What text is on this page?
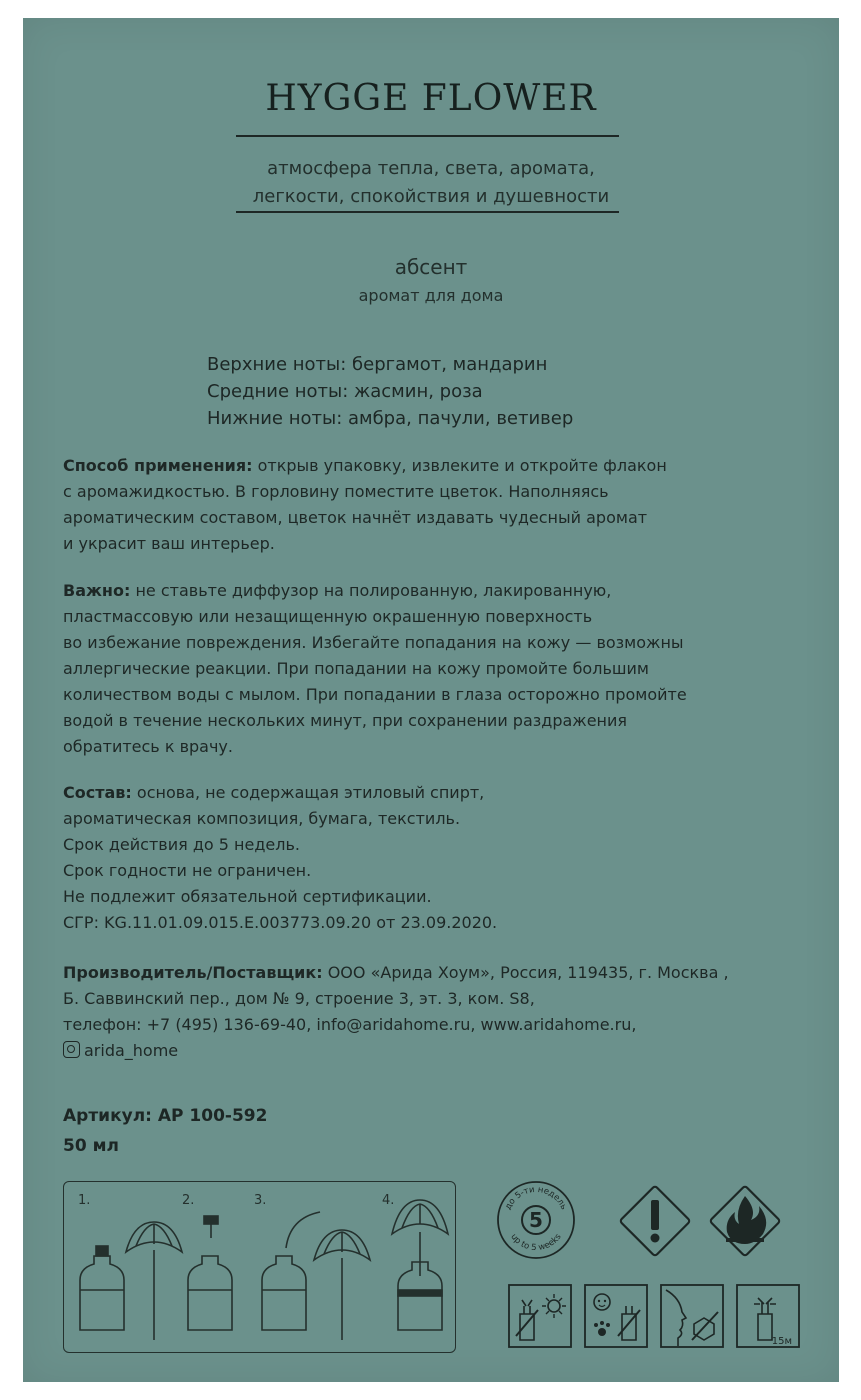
HYGGE FLOWER
атмосфера тепла, света, аромата,
легкости, спокойствия и душевности
абсент
аромат для дома
Верхние ноты: бергамот, мандарин
Средние ноты: жасмин, роза
Нижние ноты: амбра, пачули, ветивер
Способ применения: открыв упаковку, извлеките и откройте флакон
с аромажидкостью. В горловину поместите цветок. Наполняясь
ароматическим составом, цветок начнёт издавать чудесный аромат
и украсит ваш интерьер.
Важно: не ставьте диффузор на полированную, лакированную,
пластмассовую или незащищенную окрашенную поверхность
во избежание повреждения. Избегайте попадания на кожу — возможны
аллергические реакции. При попадании на кожу промойте большим
количеством воды с мылом. При попадании в глаза осторожно промойте
водой в течение нескольких минут, при сохранении раздражения
обратитесь к врачу.
Состав: основа, не содержащая этиловый спирт,
ароматическая композиция, бумага, текстиль.
Срок действия до 5 недель.
Срок годности не ограничен.
Не подлежит обязательной сертификации.
СГР: KG.11.01.09.015.Е.003773.09.20 от 23.09.2020.
Производитель/Поставщик: ООО «Арида Хоум», Россия, 119435, г. Москва ,
Б. Саввинский пер., дом № 9, строение 3, эт. 3, ком. S8,
телефон: +7 (495) 136-69-40, info@aridahome.ru, www.aridahome.ru,
arida_home
Артикул: АР 100-592
50 мл
1.	2.	3.	4.
5
до 5-ти недель
up to 5 weeks
15м
